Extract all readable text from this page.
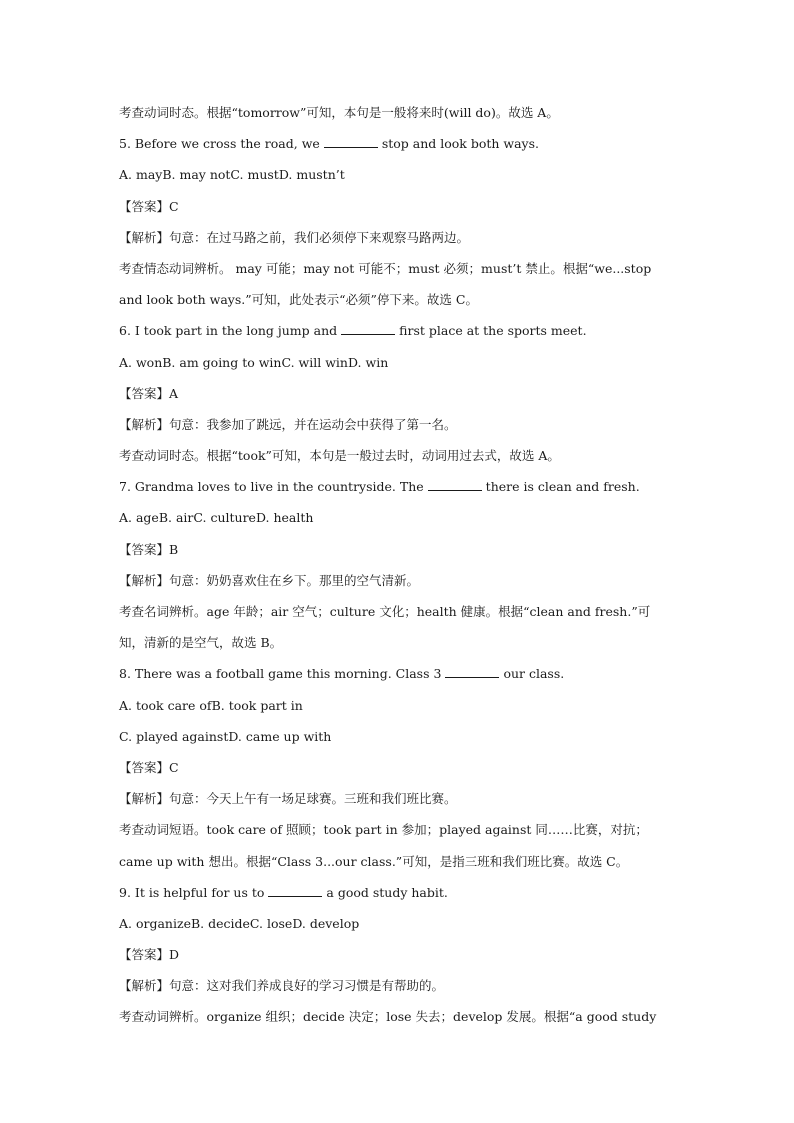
考查动词时态。根据“tomorrow”可知，本句是一般将来时(will do)。故选 A。
5. Before we cross the road, we	stop and look both ways.
A. mayB. may notC. mustD. mustn’t
【答案】C
【解析】句意：在过马路之前，我们必须停下来观察马路两边。
考查情态动词辨析。 may 可能；may not 可能不；must 必须；must’t 禁止。根据“we...stop
and look both ways.”可知，此处表示“必须”停下来。故选 C。
6. I took part in the long jump and	first place at the sports meet.
A. wonB. am going to winC. will winD. win
【答案】A
【解析】句意：我参加了跳远，并在运动会中获得了第一名。
考查动词时态。根据“took”可知，本句是一般过去时，动词用过去式，故选 A。
7. Grandma loves to live in the countryside. The	there is clean and fresh.
A. ageB. airC. cultureD. health
【答案】B
【解析】句意：奶奶喜欢住在乡下。那里的空气清新。
考查名词辨析。age 年龄；air 空气；culture 文化；health 健康。根据“clean and fresh.”可
知，清新的是空气，故选 B。
8. There was a football game this morning. Class 3	our class.
A. took care ofB. took part in
C. played againstD. came up with
【答案】C
【解析】句意：今天上午有一场足球赛。三班和我们班比赛。
考查动词短语。took care of 照顾；took part in 参加；played against 同……比赛，对抗；
came up with 想出。根据“Class 3...our class.”可知，是指三班和我们班比赛。故选 C。
9. It is helpful for us to	a good study habit.
A. organizeB. decideC. loseD. develop
【答案】D
【解析】句意：这对我们养成良好的学习习惯是有帮助的。
考查动词辨析。organize 组织；decide 决定；lose 失去；develop 发展。根据“a good study
